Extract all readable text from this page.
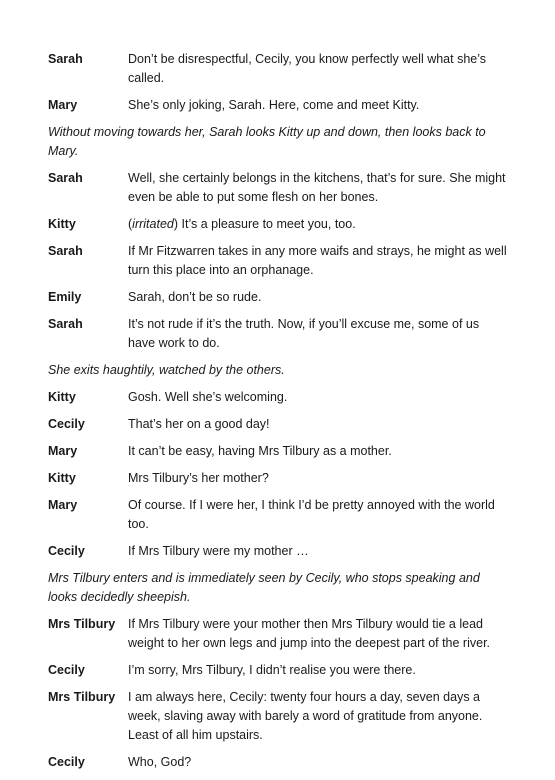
Sarah	Don’t be disrespectful, Cecily, you know perfectly well what she’s called.
Mary	She’s only joking, Sarah. Here, come and meet Kitty.
Without moving towards her, Sarah looks Kitty up and down, then looks back to Mary.
Sarah	Well, she certainly belongs in the kitchens, that’s for sure. She might even be able to put some flesh on her bones.
Kitty	(irritated) It’s a pleasure to meet you, too.
Sarah	If Mr Fitzwarren takes in any more waifs and strays, he might as well turn this place into an orphanage.
Emily	Sarah, don’t be so rude.
Sarah	It’s not rude if it’s the truth. Now, if you’ll excuse me, some of us have work to do.
She exits haughtily, watched by the others.
Kitty	Gosh. Well she’s welcoming.
Cecily	That’s her on a good day!
Mary	It can’t be easy, having Mrs Tilbury as a mother.
Kitty	Mrs Tilbury’s her mother?
Mary	Of course. If I were her, I think I’d be pretty annoyed with the world too.
Cecily	If Mrs Tilbury were my mother …
Mrs Tilbury enters and is immediately seen by Cecily, who stops speaking and looks decidedly sheepish.
Mrs Tilbury	If Mrs Tilbury were your mother then Mrs Tilbury would tie a lead weight to her own legs and jump into the deepest part of the river.
Cecily	I’m sorry, Mrs Tilbury, I didn’t realise you were there.
Mrs Tilbury	I am always here, Cecily: twenty four hours a day, seven days a week, slaving away with barely a word of gratitude from anyone. Least of all him upstairs.
Cecily	Who, God?
